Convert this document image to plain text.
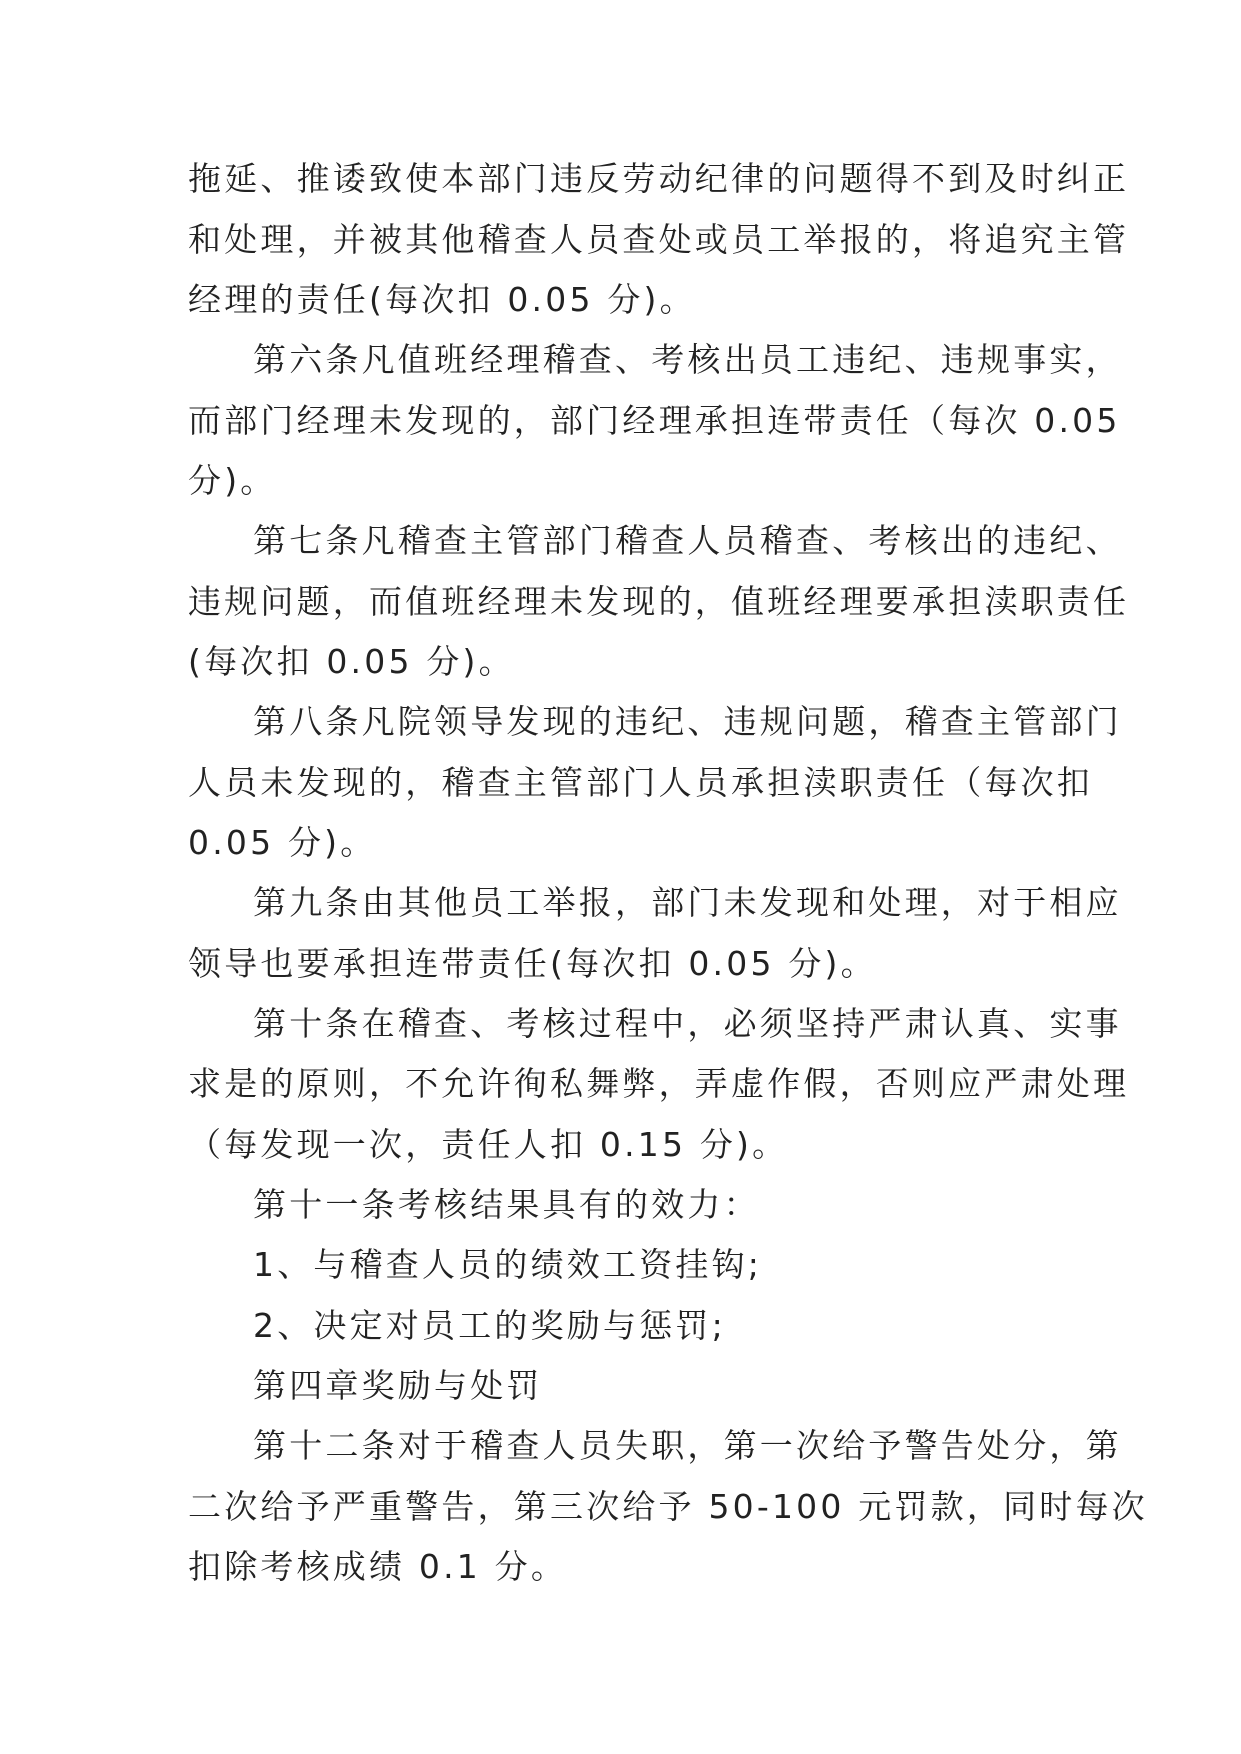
拖延、推诿致使本部门违反劳动纪律的问题得不到及时纠正
和处理，并被其他稽查人员查处或员工举报的，将追究主管
经理的责任(每次扣 0.05 分)。
第六条凡值班经理稽查、考核出员工违纪、违规事实，
而部门经理未发现的，部门经理承担连带责任（每次 0.05
分)。
第七条凡稽查主管部门稽查人员稽查、考核出的违纪、
违规问题，而值班经理未发现的，值班经理要承担渎职责任
(每次扣 0.05 分)。
第八条凡院领导发现的违纪、违规问题，稽查主管部门
人员未发现的，稽查主管部门人员承担渎职责任（每次扣
0.05 分)。
第九条由其他员工举报，部门未发现和处理，对于相应
领导也要承担连带责任(每次扣 0.05 分)。
第十条在稽查、考核过程中，必须坚持严肃认真、实事
求是的原则，不允许徇私舞弊，弄虚作假，否则应严肃处理
（每发现一次，责任人扣 0.15 分)。
第十一条考核结果具有的效力：
1、与稽查人员的绩效工资挂钩;
2、决定对员工的奖励与惩罚;
第四章奖励与处罚
第十二条对于稽查人员失职，第一次给予警告处分，第
二次给予严重警告，第三次给予 50-100 元罚款，同时每次
扣除考核成绩 0.1 分。
